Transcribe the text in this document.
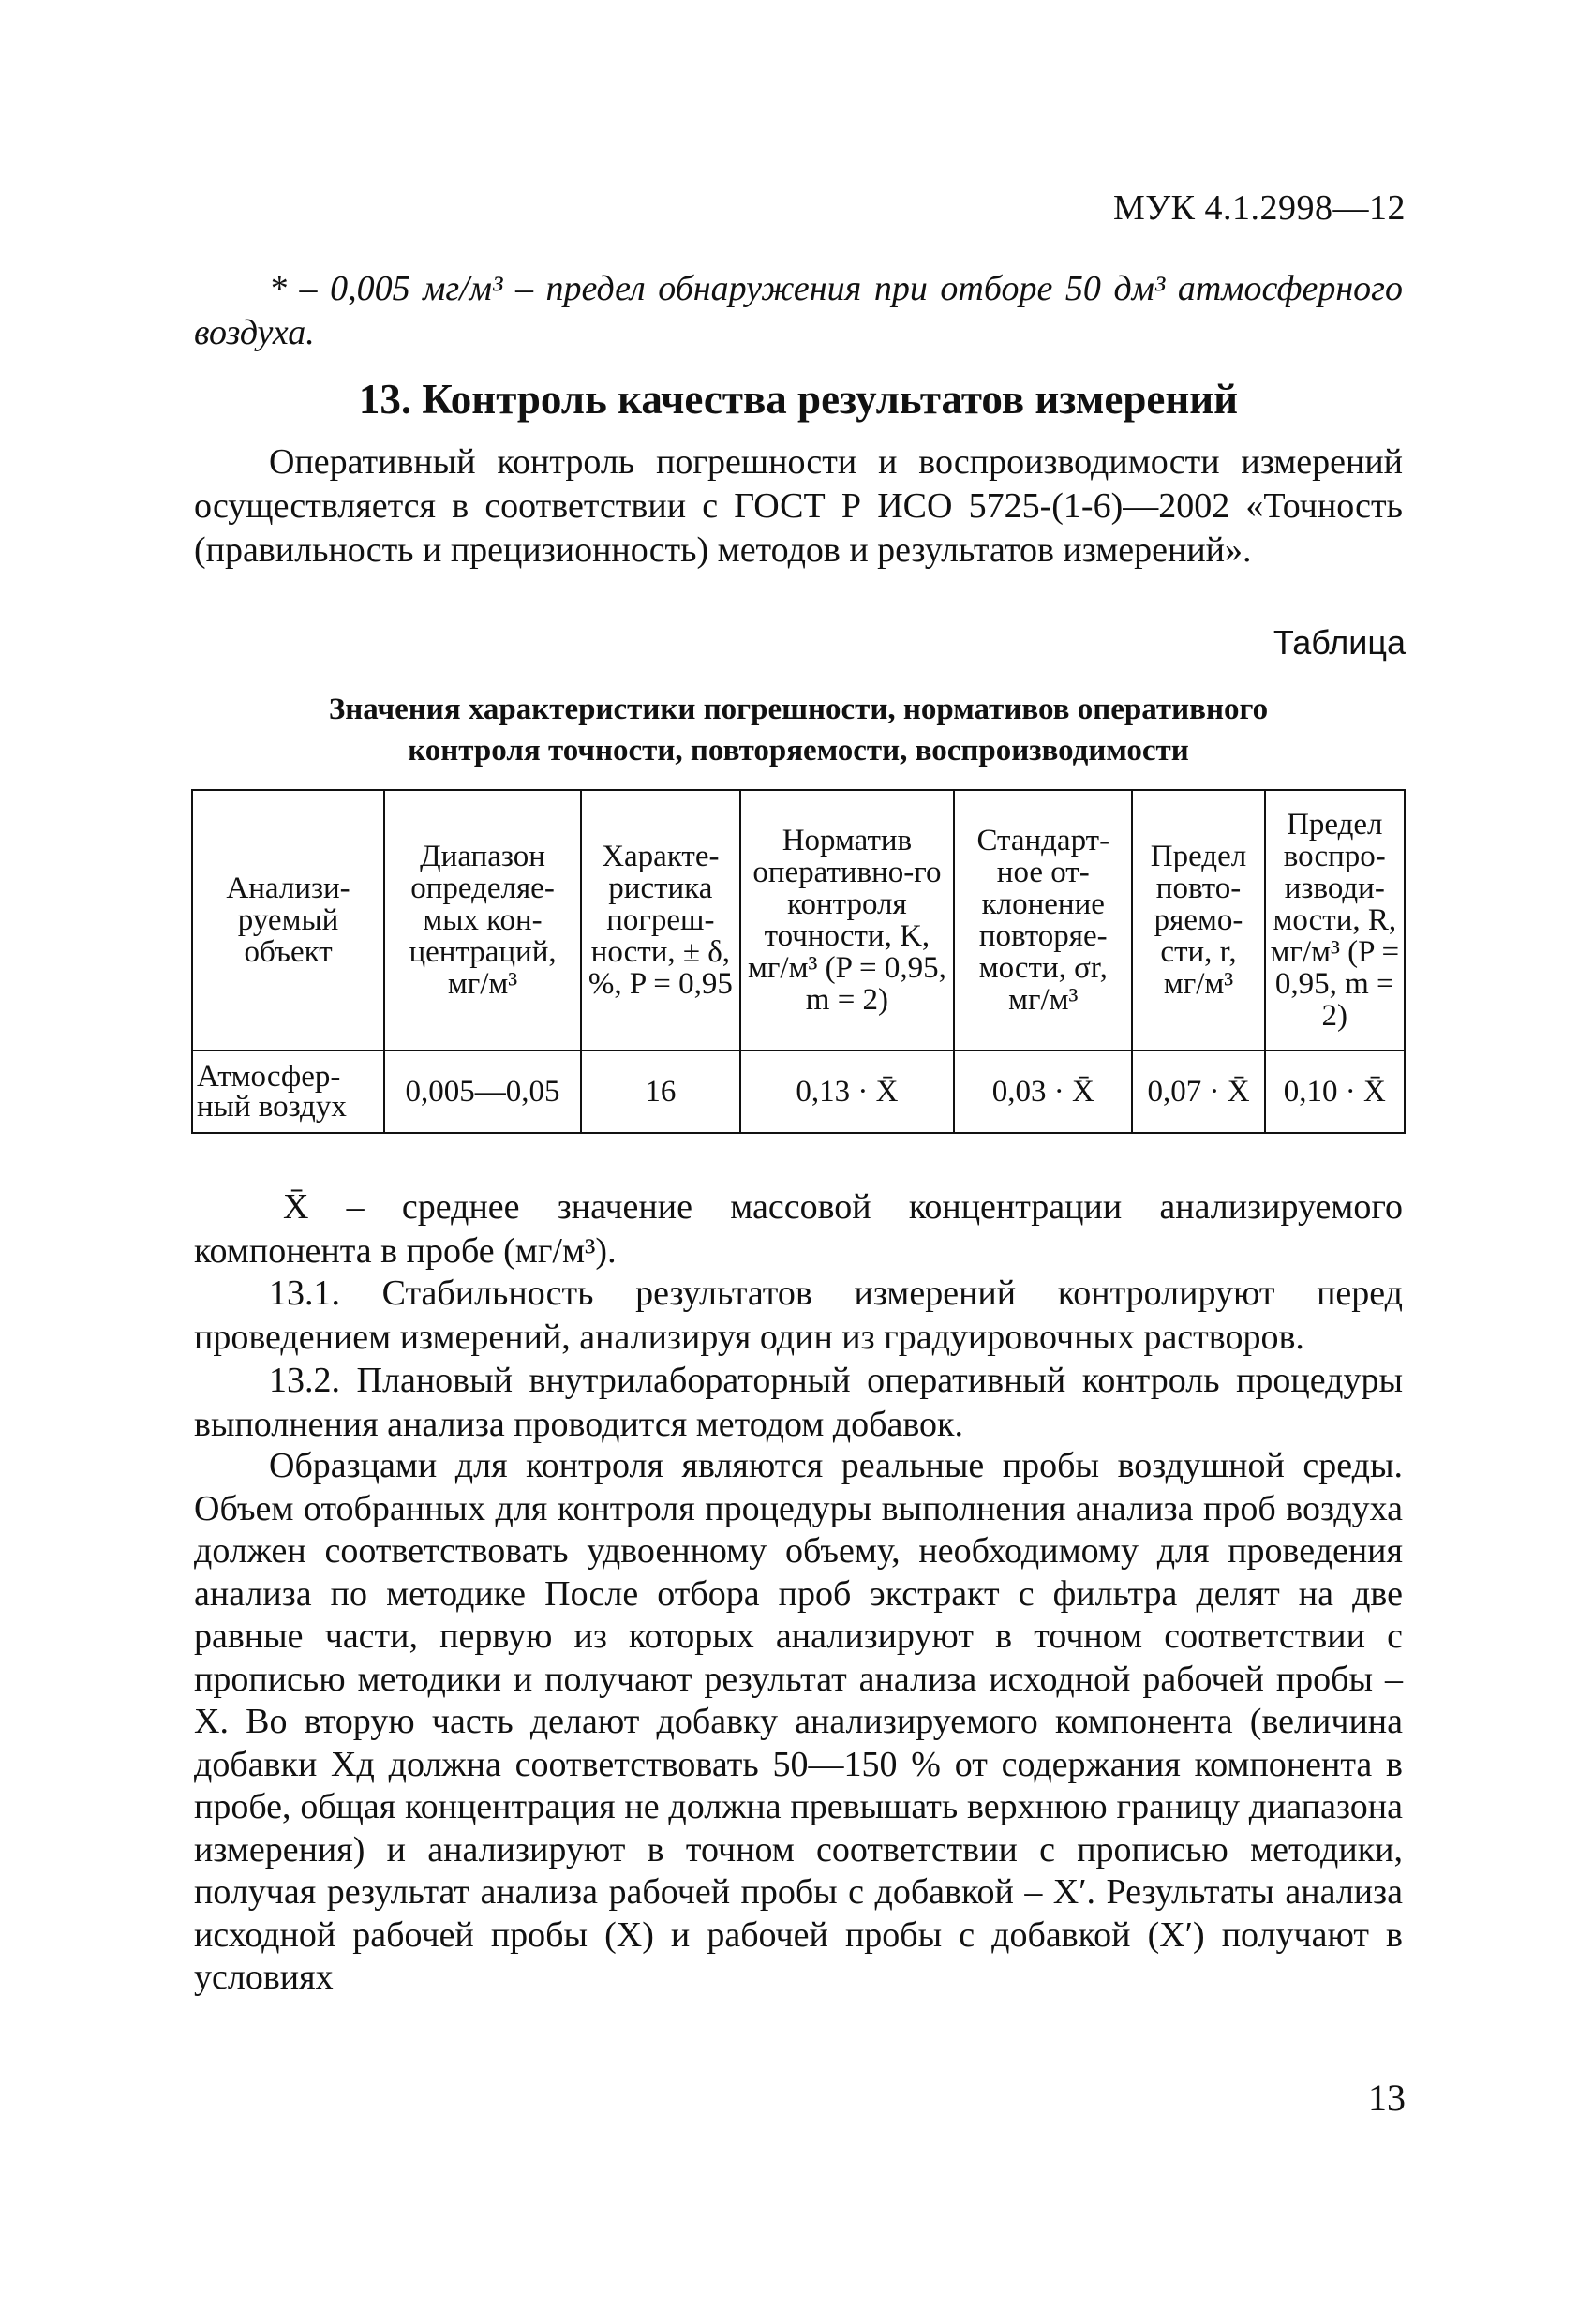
МУК 4.1.2998—12
* – 0,005 мг/м³ – предел обнаружения при отборе 50 дм³ атмосферного воздуха.
13. Контроль качества результатов измерений
Оперативный контроль погрешности и воспроизводимости измерений осуществляется в соответствии с ГОСТ Р ИСО 5725-(1-6)—2002 «Точность (правильность и прецизионность) методов и результатов измерений».
Таблица
Значения характеристики погрешности, нормативов оперативного
контроля точности, повторяемости, воспроизводимости
Анализи-руемый объект	Диапазон определяе-мых кон-центраций, мг/м³	Характе-ристика погреш-ности, ± δ, %, P = 0,95	Норматив оперативно-го контроля точности, K, мг/м³ (P = 0,95, m = 2)	Стандарт-ное от-клонение повторяе-мости, σr, мг/м³	Предел повто-ряемо-сти, r, мг/м³	Предел воспро-изводи-мости, R, мг/м³ (P = 0,95, m = 2)
Атмосфер-ный воздух	0,005—0,05	16	0,13 · X̄	0,03 · X̄	0,07 · X̄	0,10 · X̄
X̄ – среднее значение массовой концентрации анализируемого компонента в пробе (мг/м³).
13.1. Стабильность результатов измерений контролируют перед проведением измерений, анализируя один из градуировочных растворов.
13.2. Плановый внутрилабораторный оперативный контроль процедуры выполнения анализа проводится методом добавок.
Образцами для контроля являются реальные пробы воздушной среды. Объем отобранных для контроля процедуры выполнения анализа проб воздуха должен соответствовать удвоенному объему, необходимому для проведения анализа по методике После отбора проб экстракт с фильтра делят на две равные части, первую из которых анализируют в точном соответствии с прописью методики и получают результат анализа исходной рабочей пробы – X. Во вторую часть делают добавку анализируемого компонента (величина добавки Xд должна соответствовать 50—150 % от содержания компонента в пробе, общая концентрация не должна превышать верхнюю границу диапазона измерения) и анализируют в точном соответствии с прописью методики, получая результат анализа рабочей пробы с добавкой – X′. Результаты анализа исходной рабочей пробы (X) и рабочей пробы с добавкой (X′) получают в условиях
13
